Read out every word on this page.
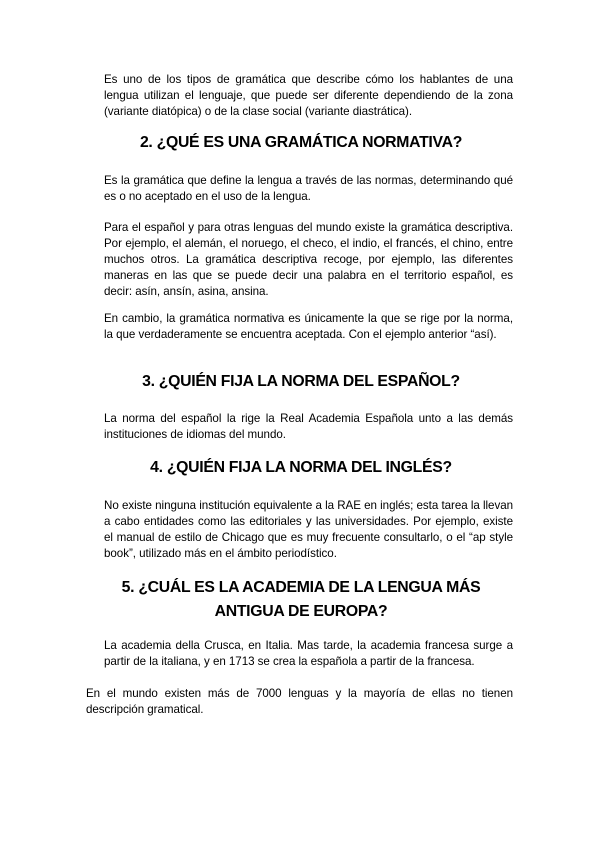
Es uno de los tipos de gramática que describe cómo los hablantes de una lengua utilizan el lenguaje, que puede ser diferente dependiendo de la zona (variante diatópica) o de la clase social (variante diastrática).

2. ¿QUÉ ES UNA GRAMÁTICA NORMATIVA?

Es la gramática que define la lengua a través de las normas, determinando qué es o no aceptado en el uso de la lengua.

Para el español y para otras lenguas del mundo existe la gramática descriptiva. Por ejemplo, el alemán, el noruego, el checo, el indio, el francés, el chino, entre muchos otros. La gramática descriptiva recoge, por ejemplo, las diferentes maneras en las que se puede decir una palabra en el territorio español, es decir: asín, ansín, asina, ansina.

En cambio, la gramática normativa es únicamente la que se rige por la norma, la que verdaderamente se encuentra aceptada. Con el ejemplo anterior “así).

3. ¿QUIÉN FIJA LA NORMA DEL ESPAÑOL?

La norma del español la rige la Real Academia Española unto a las demás instituciones de idiomas del mundo.

4. ¿QUIÉN FIJA LA NORMA DEL INGLÉS?

No existe ninguna institución equivalente a la RAE en inglés; esta tarea la llevan a cabo entidades como las editoriales y las universidades. Por ejemplo, existe el manual de estilo de Chicago que es muy frecuente consultarlo, o el “ap style book”, utilizado más en el ámbito periodístico.

5. ¿CUÁL ES LA ACADEMIA DE LA LENGUA MÁS
ANTIGUA DE EUROPA?

La academia della Crusca, en Italia. Mas tarde, la academia francesa surge a partir de la italiana, y en 1713 se crea la española a partir de la francesa.

En el mundo existen más de 7000 lenguas y la mayoría de ellas no tienen descripción gramatical.
